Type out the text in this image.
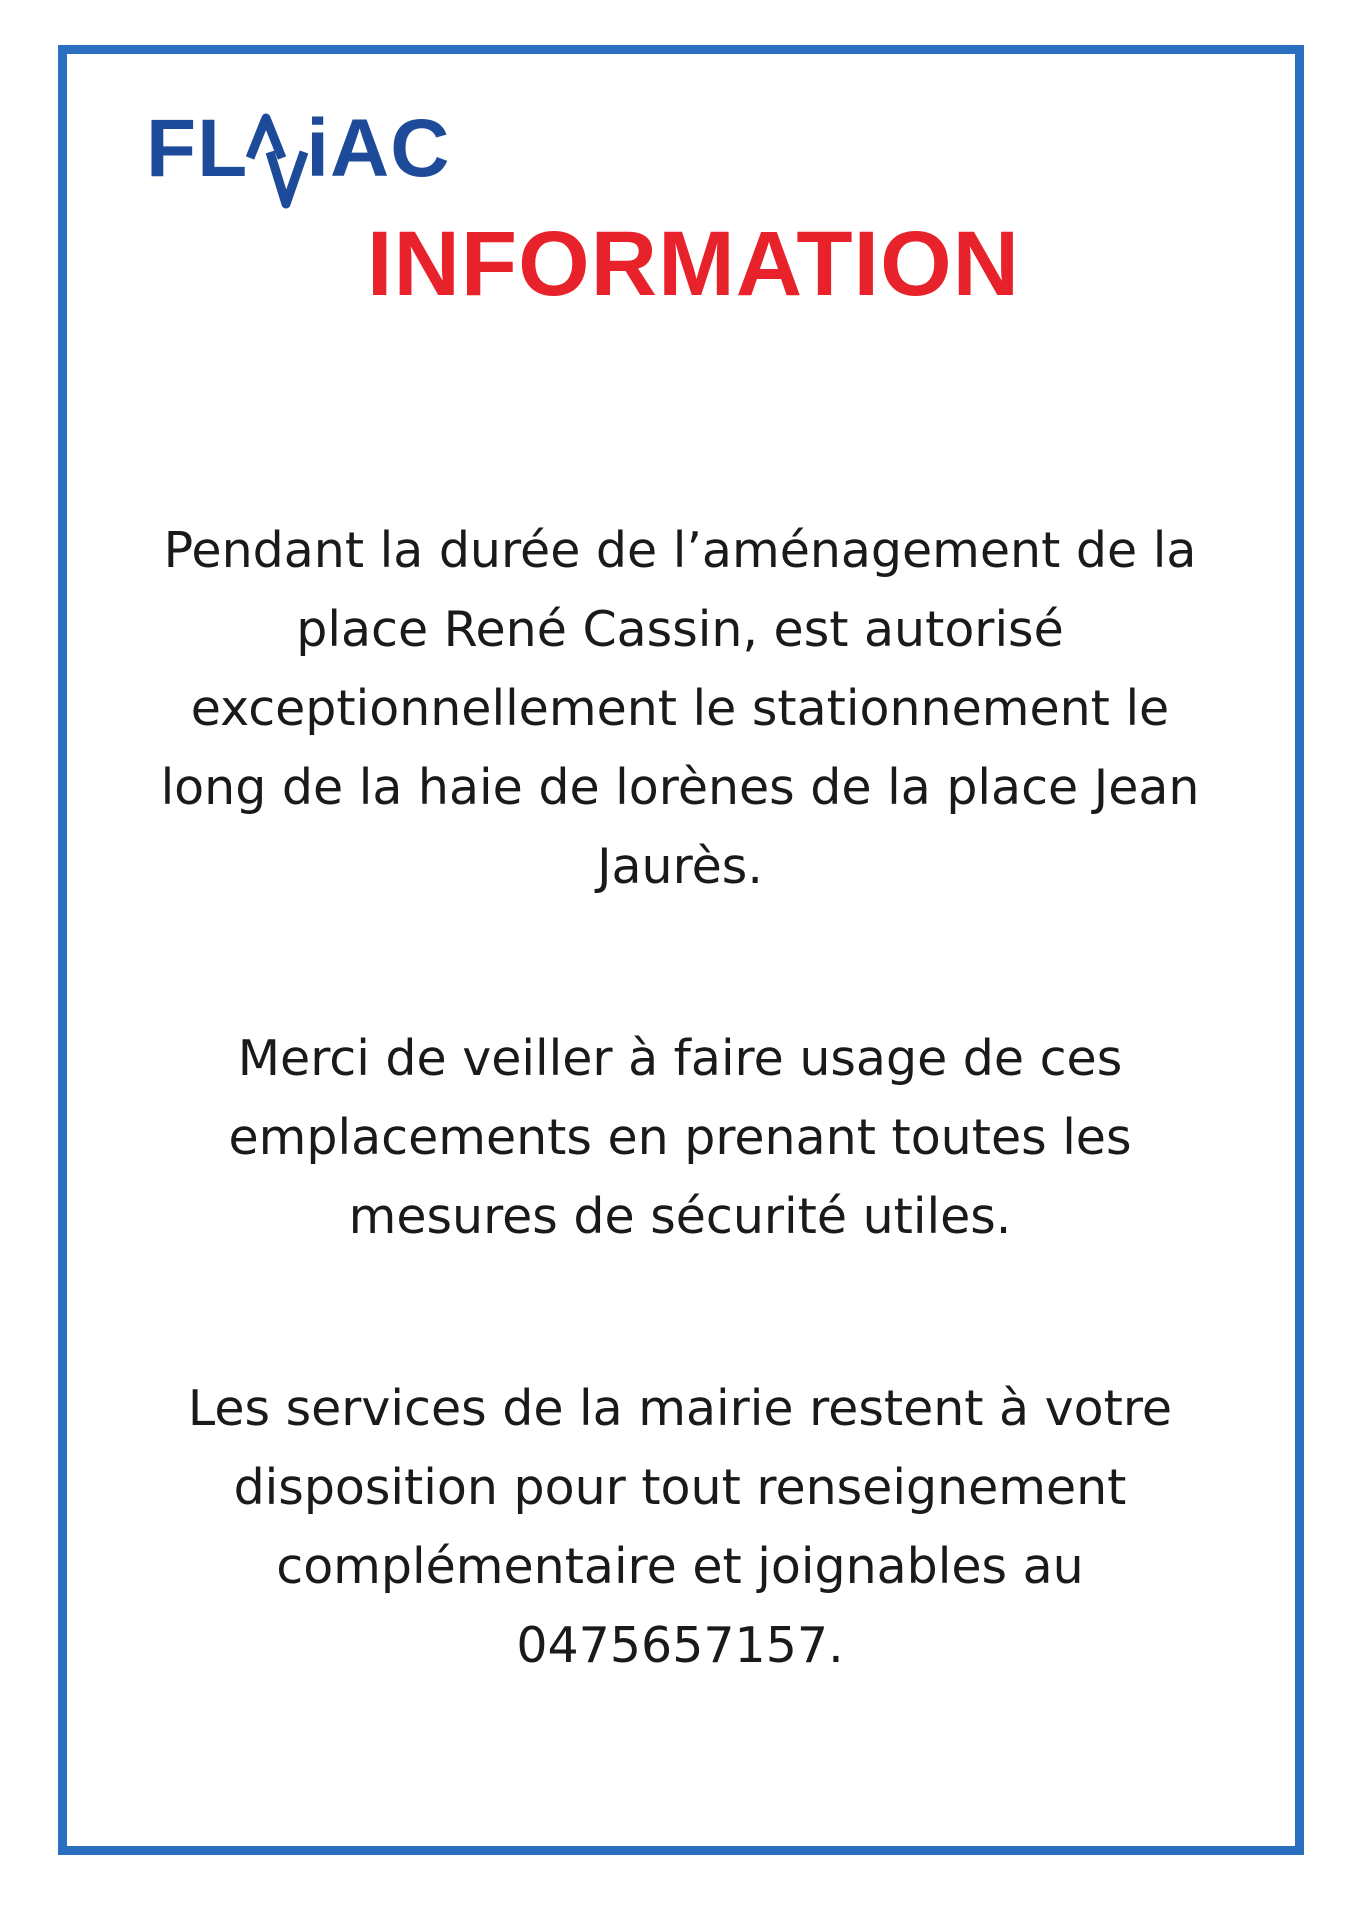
FL iAC
INFORMATION
Pendant la durée de l’aménagement de la
place René Cassin, est autorisé
exceptionnellement le stationnement le
long de la haie de lorènes de la place Jean
Jaurès.
Merci de veiller à faire usage de ces
emplacements en prenant toutes les
mesures de sécurité utiles.
Les services de la mairie restent à votre
disposition pour tout renseignement
complémentaire et joignables au
0475657157.
